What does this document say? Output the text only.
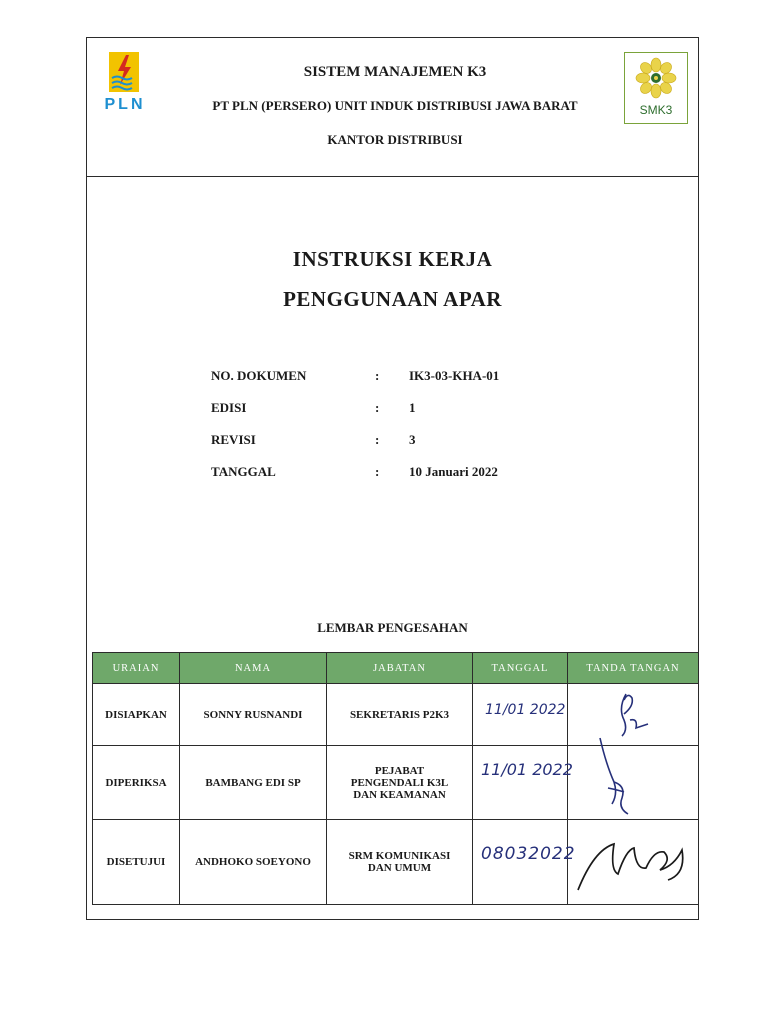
PLN
SISTEM MANAJEMEN K3
PT PLN (PERSERO) UNIT INDUK DISTRIBUSI JAWA BARAT
KANTOR DISTRIBUSI
SMK3
INSTRUKSI KERJA
PENGGUNAAN APAR
NO. DOKUMEN	: IK3-03-KHA-01
EDISI	: 1
REVISI	: 3
TANGGAL	: 10 Januari 2022
LEMBAR PENGESAHAN
URAIAN	NAMA	JABATAN	TANGGAL	TANDA TANGAN
DISIAPKAN	SONNY RUSNANDI	SEKRETARIS P2K3	11/01 2022

DIPERIKSA	BAMBANG EDI SP	PEJABAT
PENGENDALI K3L
DAN KEAMANAN	11/01 2022

DISETUJUI	ANDHOKO SOEYONO	SRM KOMUNIKASI
DAN UMUM	08032022
